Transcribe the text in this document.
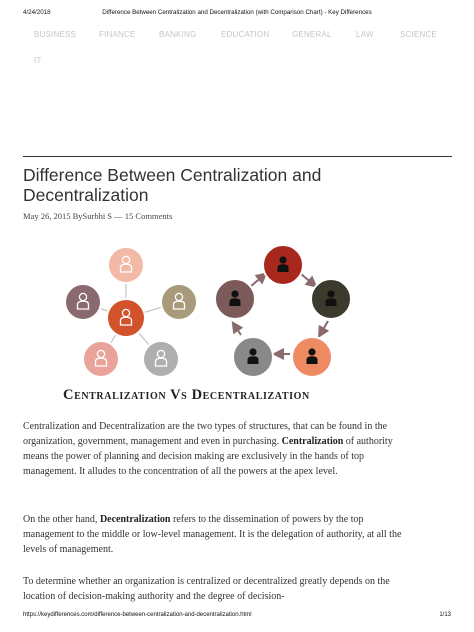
4/24/2018	Difference Between Centralization and Decentralization (with Comparison Chart) - Key Differences
BUSINESS	FINANCE	BANKING	EDUCATION	GENERAL	LAW	SCIENCE
IT
Difference Between Centralization and Decentralization
May 26, 2015 BySurbhi S — 15 Comments
Centralization Vs Decentralization

Centralization and Decentralization are the two types of structures, that can be found in the organization, government, management and even in purchasing. Centralization of authority means the power of planning and decision making are exclusively in the hands of top management. It alludes to the concentration of all the powers at the apex level.

On the other hand, Decentralization refers to the dissemination of powers by the top management to the middle or low-level management. It is the delegation of authority, at all the levels of management.

To determine whether an organization is centralized or decentralized greatly depends on the location of decision-making authority and the degree of decision-

https://keydifferences.com/difference-between-centralization-and-decentralization.html	1/13
